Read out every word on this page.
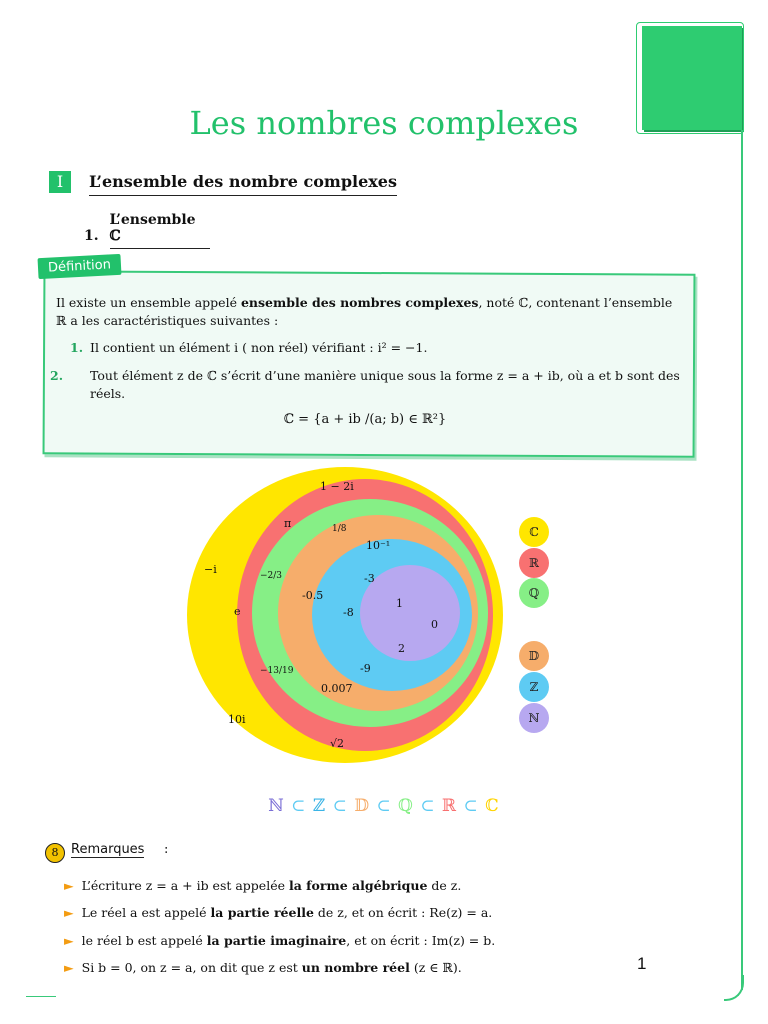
Les nombres complexes
I	L’ensemble des nombre complexes
1. L’ensemble ℂ
Définition
Il existe un ensemble appelé ensemble des nombres complexes, noté ℂ, contenant l’ensemble ℝ a les caractéristiques suivantes :
1. Il contient un élément i ( non réel) vérifiant : i² = −1.
2. Tout élément z de ℂ s’écrit d’une manière unique sous la forme z = a + ib, où a et b sont des réels.
ℂ = {a + ib /(a; b) ∈ ℝ²}
1 − 2i
−i
10i
π
e
√2
1/8
−2/3
−13/19
10⁻¹
-0.5
0.007
-3
-8
-9
1
0
2
ℂ
ℝ
ℚ
𝔻
ℤ
ℕ
ℕ ⊂ ℤ ⊂ 𝔻 ⊂ ℚ ⊂ ℝ ⊂ ℂ
8 Remarques :
► L’écriture z = a + ib est appelée la forme algébrique de z.
► Le réel a est appelé la partie réelle de z, et on écrit : Re(z) = a.
► le réel b est appelé la partie imaginaire, et on écrit : Im(z) = b.
► Si b = 0, on z = a, on dit que z est un nombre réel (z ∈ ℝ).	1
